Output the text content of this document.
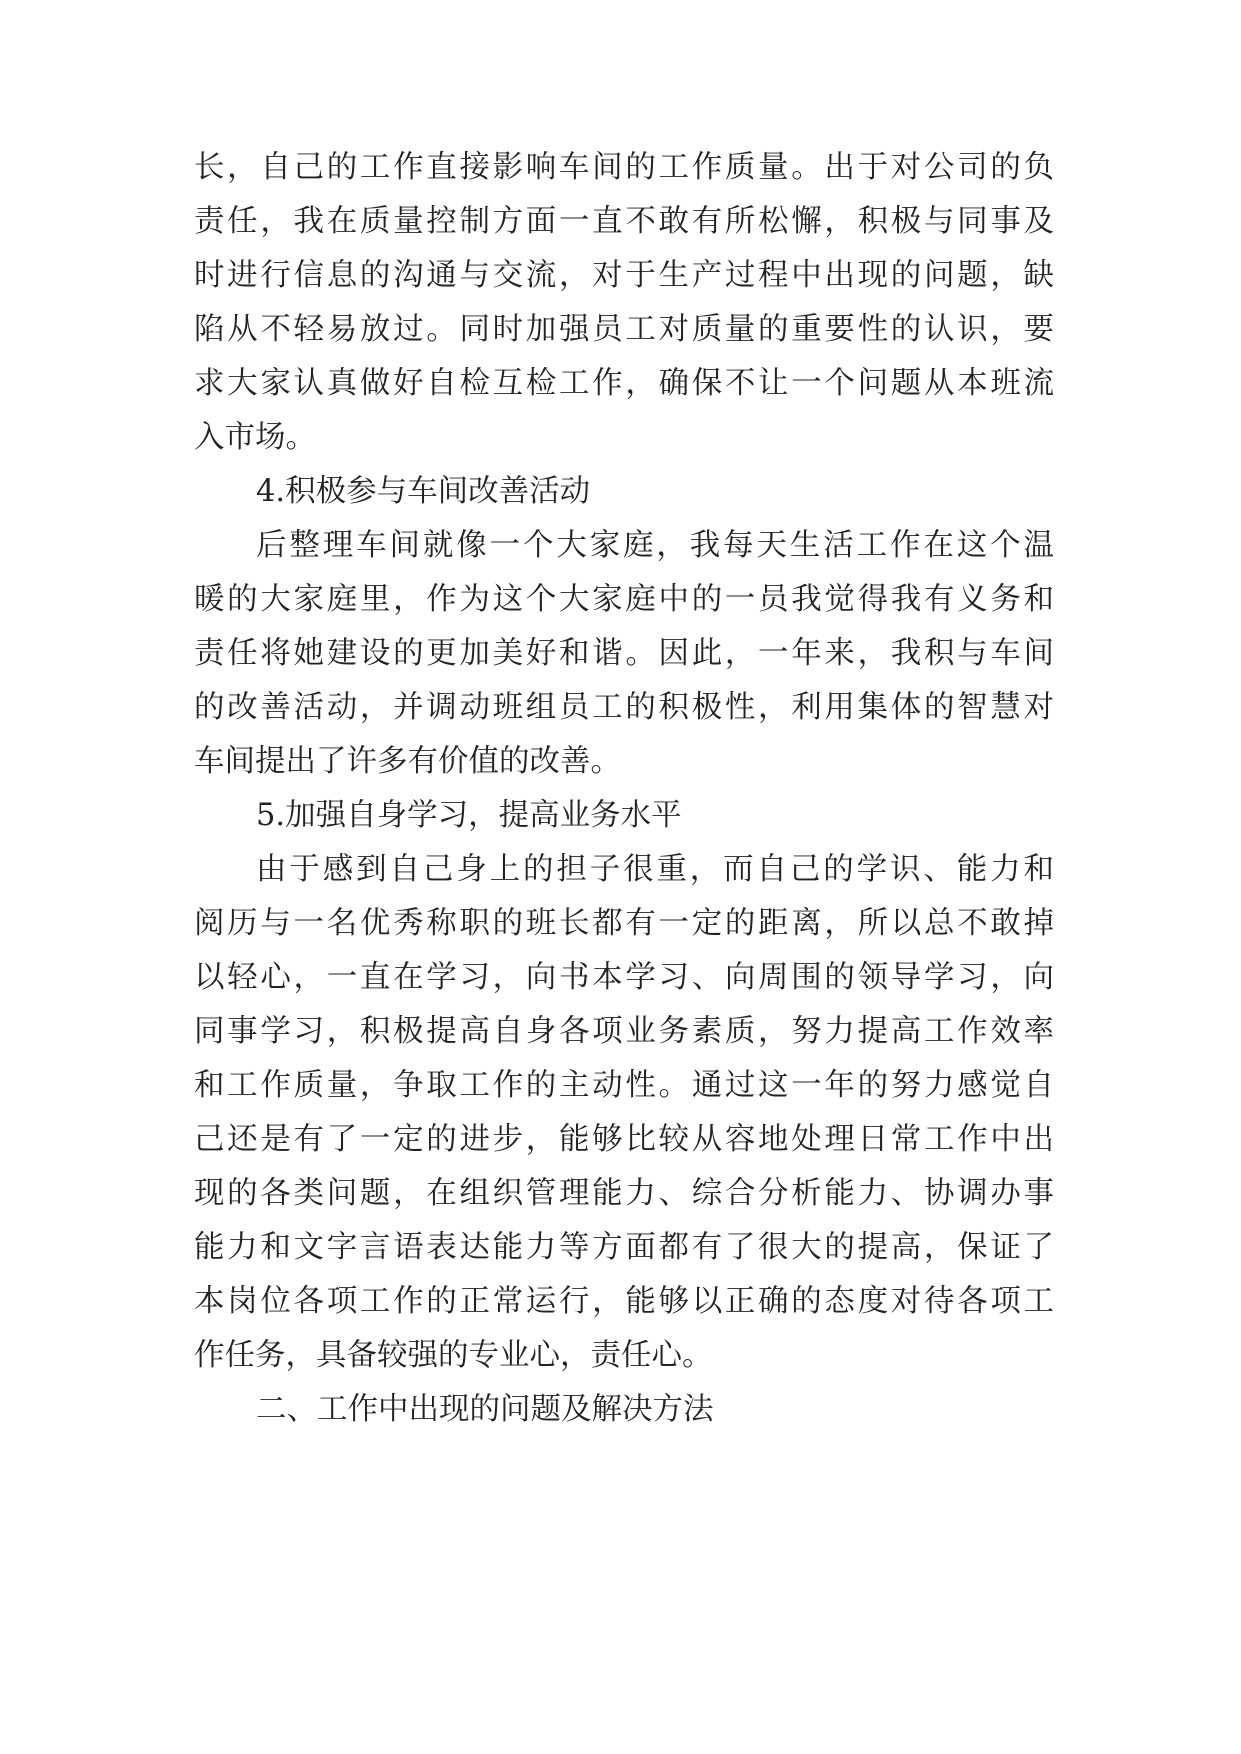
长，自己的工作直接影响车间的工作质量。出于对公司的负
责任，我在质量控制方面一直不敢有所松懈，积极与同事及
时进行信息的沟通与交流，对于生产过程中出现的问题，缺
陷从不轻易放过。同时加强员工对质量的重要性的认识，要
求大家认真做好自检互检工作，确保不让一个问题从本班流
入市场。
4.积极参与车间改善活动
后整理车间就像一个大家庭，我每天生活工作在这个温
暖的大家庭里，作为这个大家庭中的一员我觉得我有义务和
责任将她建设的更加美好和谐。因此，一年来，我积与车间
的改善活动，并调动班组员工的积极性，利用集体的智慧对
车间提出了许多有价值的改善。
5.加强自身学习，提高业务水平
由于感到自己身上的担子很重，而自己的学识、能力和
阅历与一名优秀称职的班长都有一定的距离，所以总不敢掉
以轻心，一直在学习，向书本学习、向周围的领导学习，向
同事学习，积极提高自身各项业务素质，努力提高工作效率
和工作质量，争取工作的主动性。通过这一年的努力感觉自
己还是有了一定的进步，能够比较从容地处理日常工作中出
现的各类问题，在组织管理能力、综合分析能力、协调办事
能力和文字言语表达能力等方面都有了很大的提高，保证了
本岗位各项工作的正常运行，能够以正确的态度对待各项工
作任务，具备较强的专业心，责任心。
二、工作中出现的问题及解决方法
